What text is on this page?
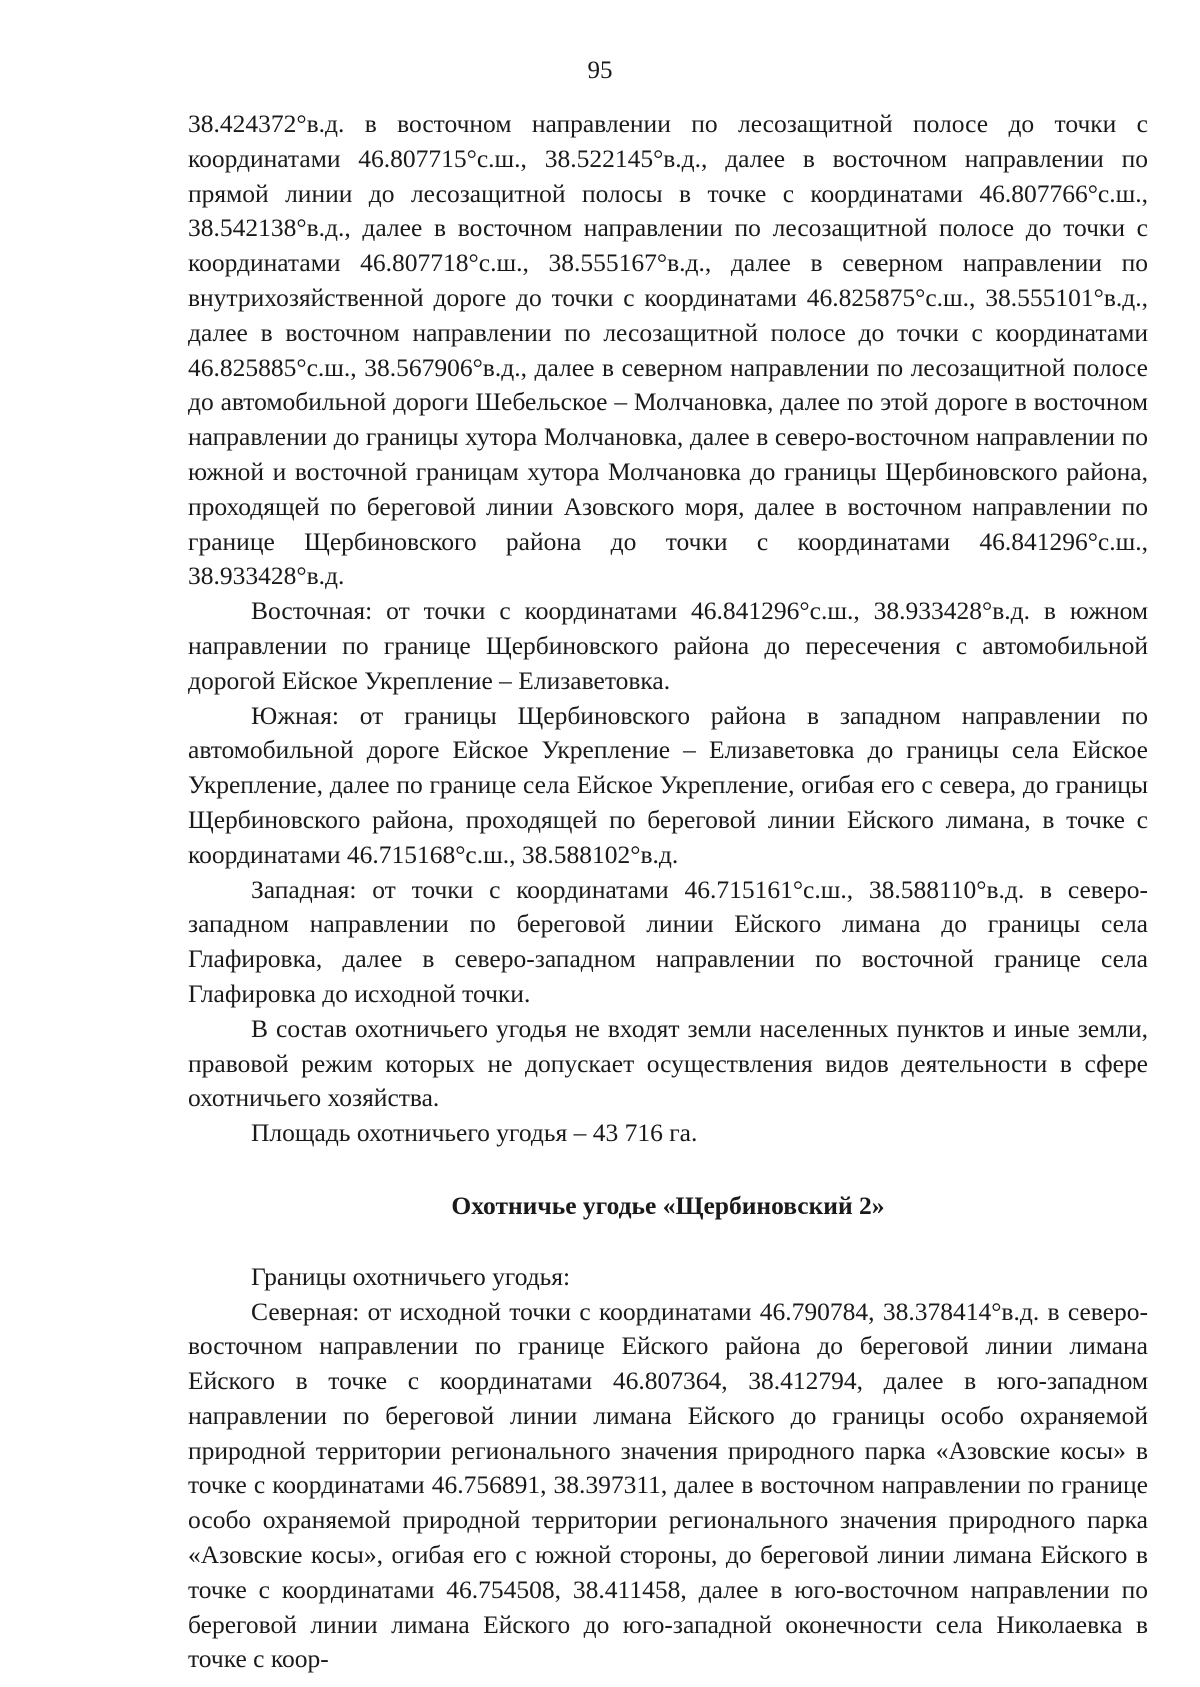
95

38.424372°в.д. в восточном направлении по лесозащитной полосе до точки с координатами 46.807715°с.ш., 38.522145°в.д., далее в восточном направлении по прямой линии до лесозащитной полосы в точке с координатами 46.807766°с.ш., 38.542138°в.д., далее в восточном направлении по лесозащитной полосе до точки с координатами 46.807718°с.ш., 38.555167°в.д., далее в северном направлении по внутрихозяйственной дороге до точки с координатами 46.825875°с.ш., 38.555101°в.д., далее в восточном направлении по лесозащитной полосе до точки с координатами 46.825885°с.ш., 38.567906°в.д., далее в северном направлении по лесозащитной полосе до автомобильной дороги Шебельское – Молчановка, далее по этой дороге в восточном направлении до границы хутора Молчановка, далее в северо-восточном направлении по южной и восточной границам хутора Молчановка до границы Щербиновского района, проходящей по береговой линии Азовского моря, далее в восточном направлении по границе Щербиновского района до точки с координатами 46.841296°с.ш., 38.933428°в.д.

Восточная: от точки с координатами 46.841296°с.ш., 38.933428°в.д. в южном направлении по границе Щербиновского района до пересечения с автомобильной дорогой Ейское Укрепление – Елизаветовка.

Южная: от границы Щербиновского района в западном направлении по автомобильной дороге Ейское Укрепление – Елизаветовка до границы села Ейское Укрепление, далее по границе села Ейское Укрепление, огибая его с севера, до границы Щербиновского района, проходящей по береговой линии Ейского лимана, в точке с координатами 46.715168°с.ш., 38.588102°в.д.

Западная: от точки с координатами 46.715161°с.ш., 38.588110°в.д. в северо-западном направлении по береговой линии Ейского лимана до границы села Глафировка, далее в северо-западном направлении по восточной границе села Глафировка до исходной точки.

В состав охотничьего угодья не входят земли населенных пунктов и иные земли, правовой режим которых не допускает осуществления видов деятельности в сфере охотничьего хозяйства.

Площадь охотничьего угодья – 43 716 га.

Охотничье угодье «Щербиновский 2»

Границы охотничьего угодья:

Северная: от исходной точки с координатами 46.790784, 38.378414°в.д. в северо-восточном направлении по границе Ейского района до береговой линии лимана Ейского в точке с координатами 46.807364, 38.412794, далее в юго-западном направлении по береговой линии лимана Ейского до границы особо охраняемой природной территории регионального значения природного парка «Азовские косы» в точке с координатами 46.756891, 38.397311, далее в восточном направлении по границе особо охраняемой природной территории регионального значения природного парка «Азовские косы», огибая его с южной стороны, до береговой линии лимана Ейского в точке с координатами 46.754508, 38.411458, далее в юго-восточном направлении по береговой линии лимана Ейского до юго-западной оконечности села Николаевка в точке с коор-
